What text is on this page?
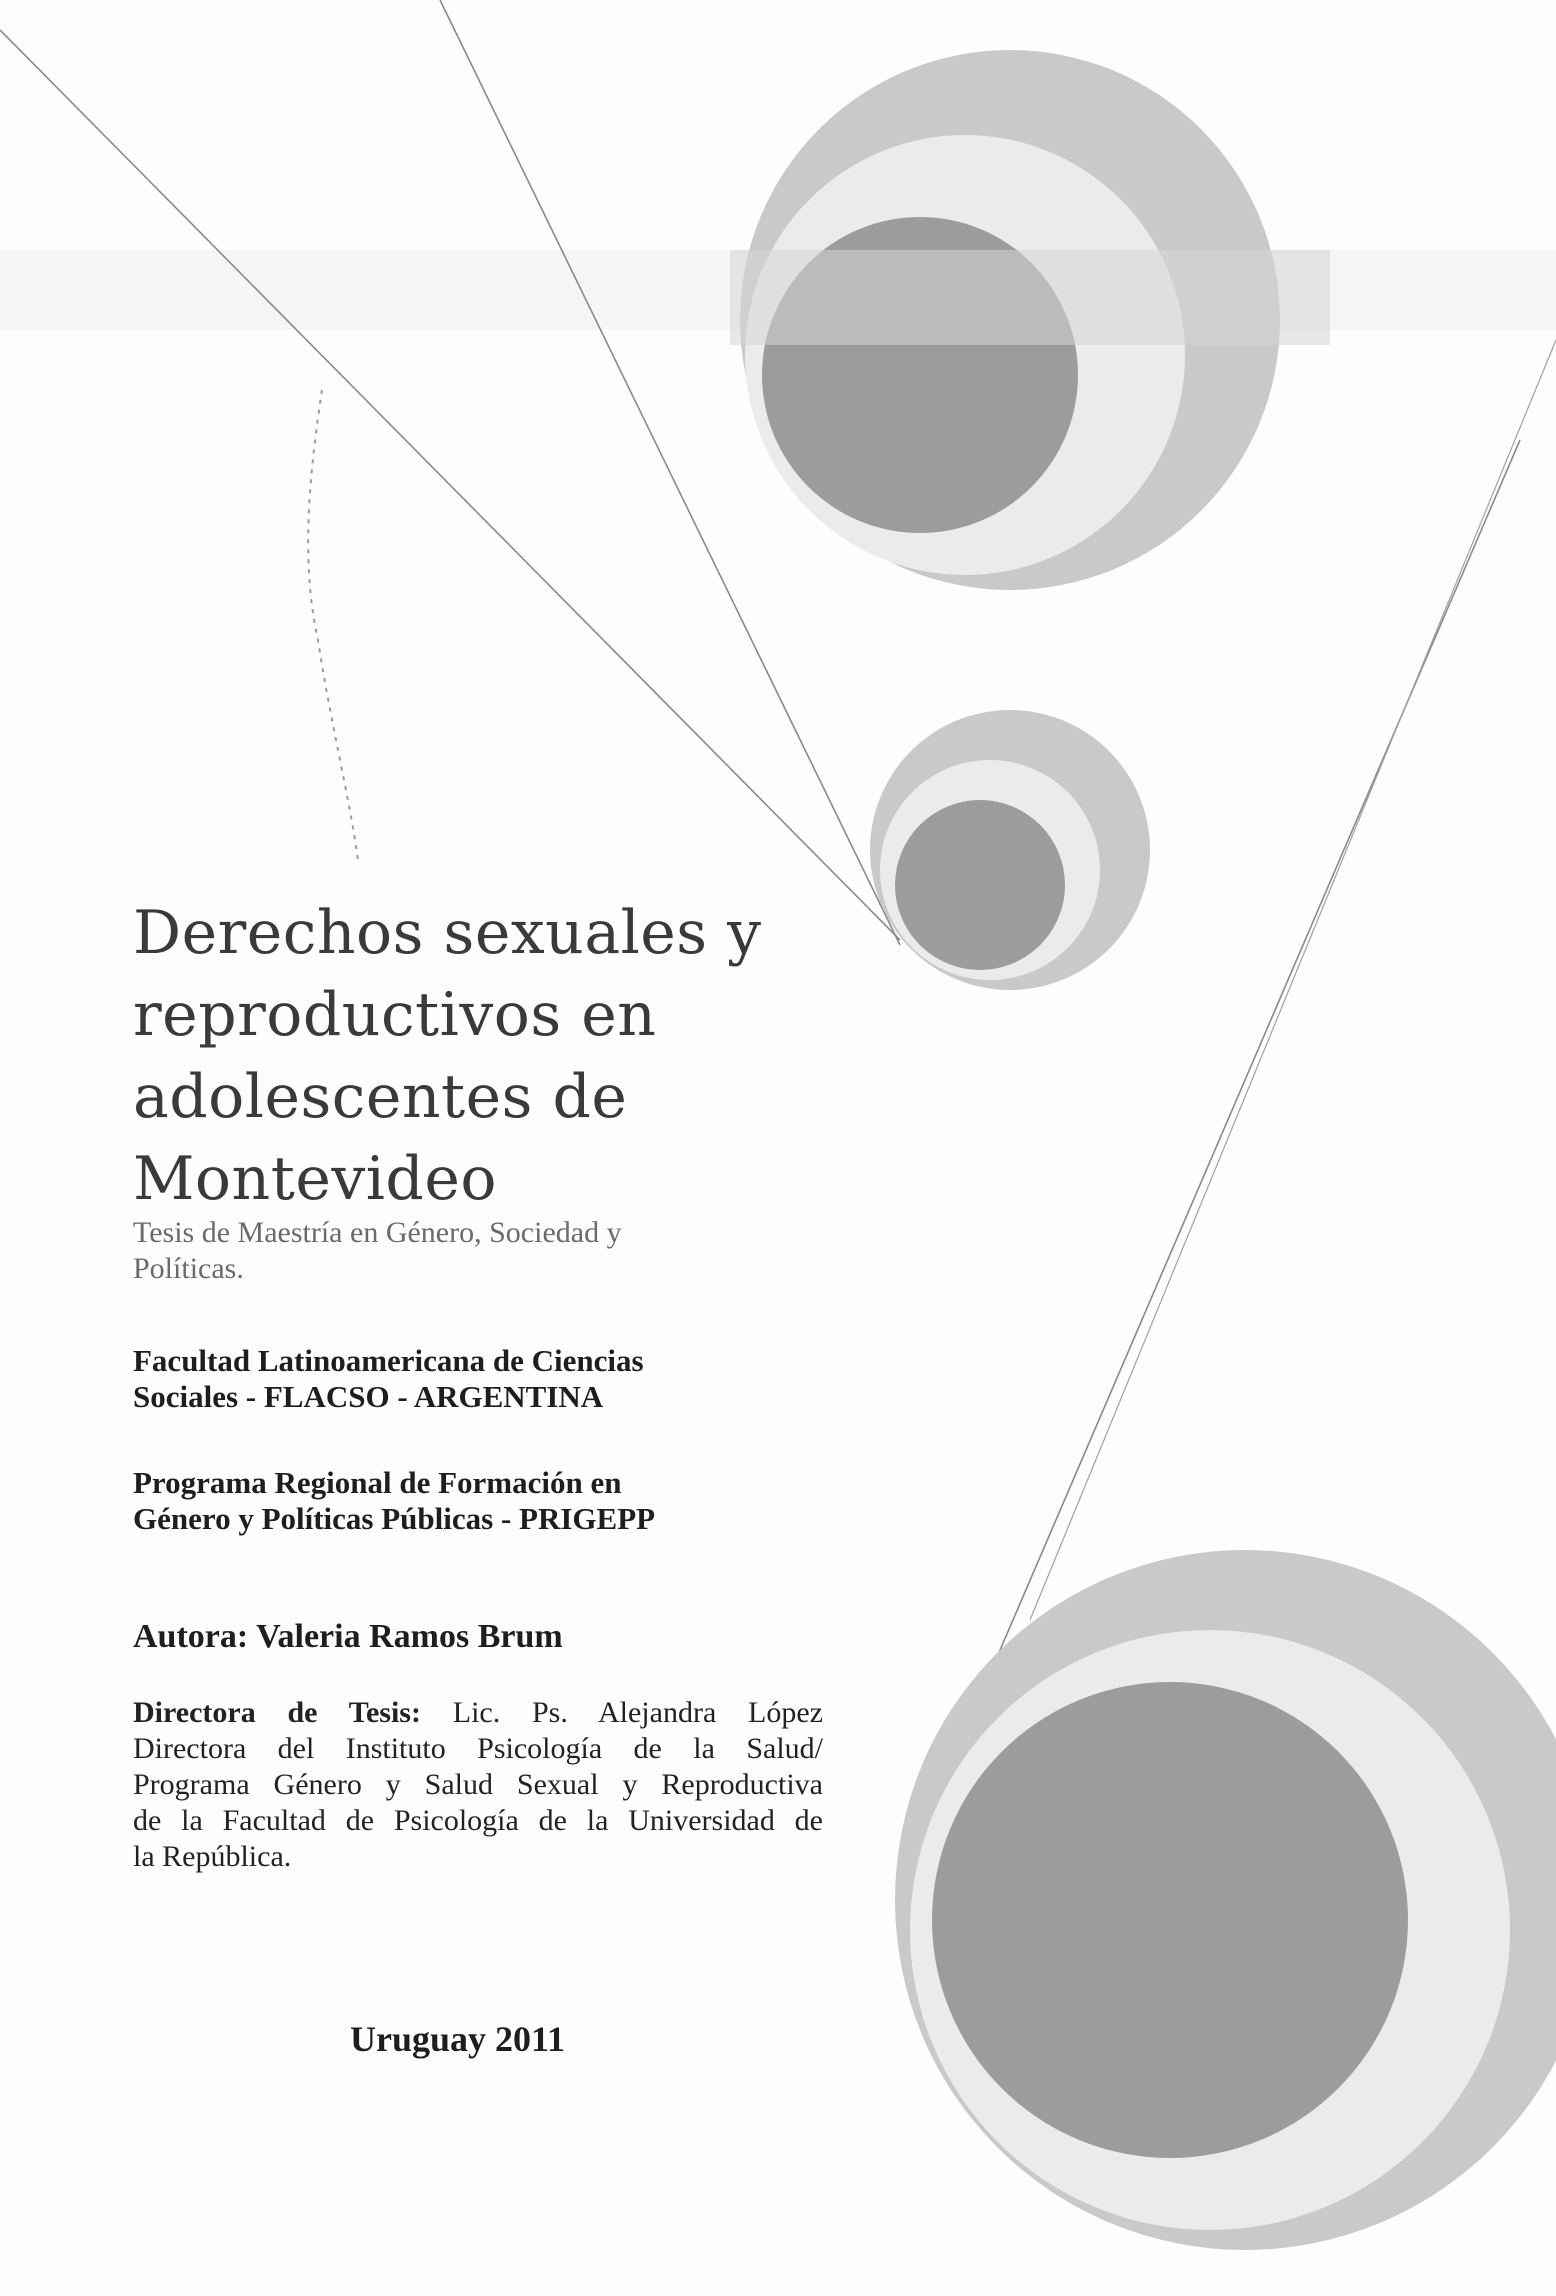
Derechos sexuales y
reproductivos en
adolescentes de
Montevideo
Tesis de Maestría en Género, Sociedad y
Políticas.
Facultad Latinoamericana de Ciencias
Sociales - FLACSO - ARGENTINA
Programa Regional de Formación en
Género y Políticas Públicas - PRIGEPP
Autora: Valeria Ramos Brum
Directora de Tesis: Lic. Ps. Alejandra López
Directora del Instituto Psicología de la Salud/
Programa Género y Salud Sexual y Reproductiva
de la Facultad de Psicología de la Universidad de
la República.
Uruguay 2011
